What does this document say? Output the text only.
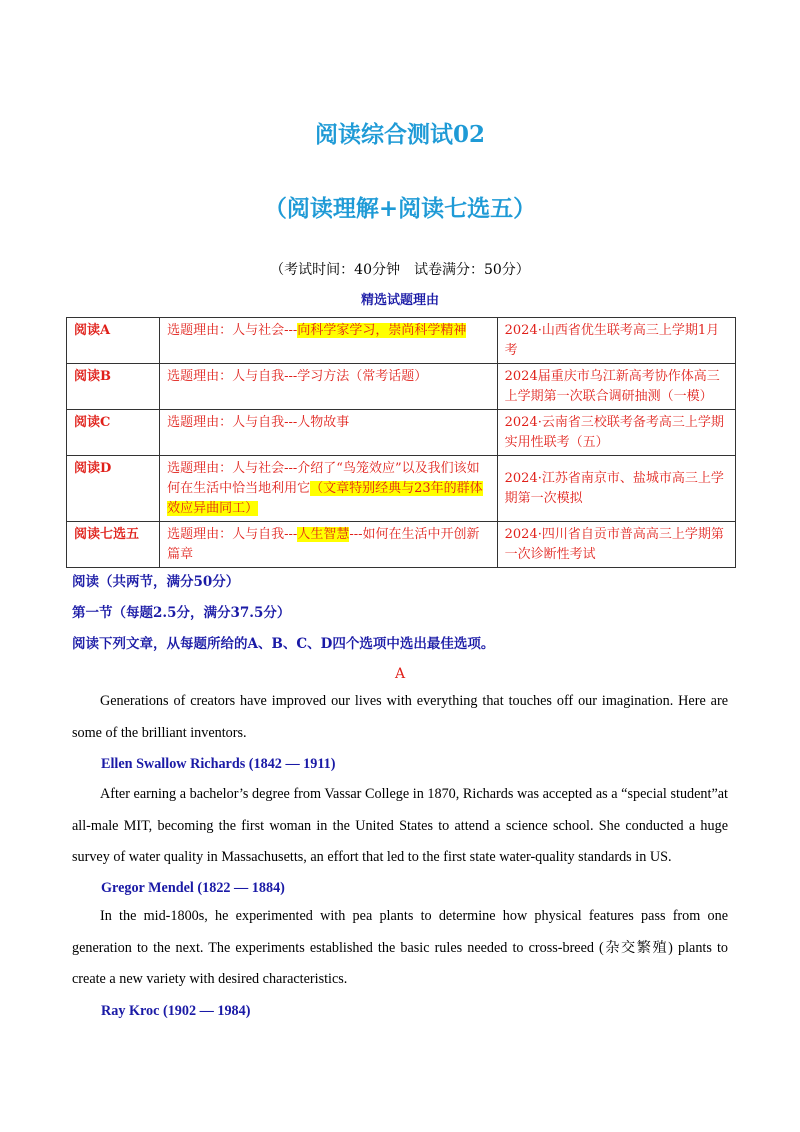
阅读综合测试02
（阅读理解+阅读七选五）
（考试时间：40分钟　试卷满分：50分）
精选试题理由
阅读A	选题理由：人与社会---向科学家学习，崇尚科学精神	2024·山西省优生联考高三上学期1月考
阅读B	选题理由：人与自我---学习方法（常考话题）	2024届重庆市乌江新高考协作体高三上学期第一次联合调研抽测（一模）
阅读C	选题理由：人与自我---人物故事	2024·云南省三校联考备考高三上学期实用性联考（五）
阅读D	选题理由：人与社会---介绍了“鸟笼效应”以及我们该如何在生活中恰当地利用它（文章特别经典与23年的群体效应异曲同工）	2024·江苏省南京市、盐城市高三上学期第一次模拟
阅读七选五	选题理由：人与自我---人生智慧---如何在生活中开创新篇章	2024·四川省自贡市普高高三上学期第一次诊断性考试
阅读（共两节，满分50分）
第一节（每题2.5分，满分37.5分）
阅读下列文章，从每题所给的A、B、C、D四个选项中选出最佳选项。
A
Generations of creators have improved our lives with everything that touches off our imagination. Here are some of the brilliant inventors.
Ellen Swallow Richards (1842 — 1911)
After earning a bachelor’s degree from Vassar College in 1870, Richards was accepted as a “special student”at all-male MIT, becoming the first woman in the United States to attend a science school. She conducted a huge survey of water quality in Massachusetts, an effort that led to the first state water-quality standards in US.
Gregor Mendel (1822 — 1884)
In the mid-1800s, he experimented with pea plants to determine how physical features pass from one generation to the next. The experiments established the basic rules needed to cross-breed (杂交繁殖) plants to create a new variety with desired characteristics.
Ray Kroc (1902 — 1984)
